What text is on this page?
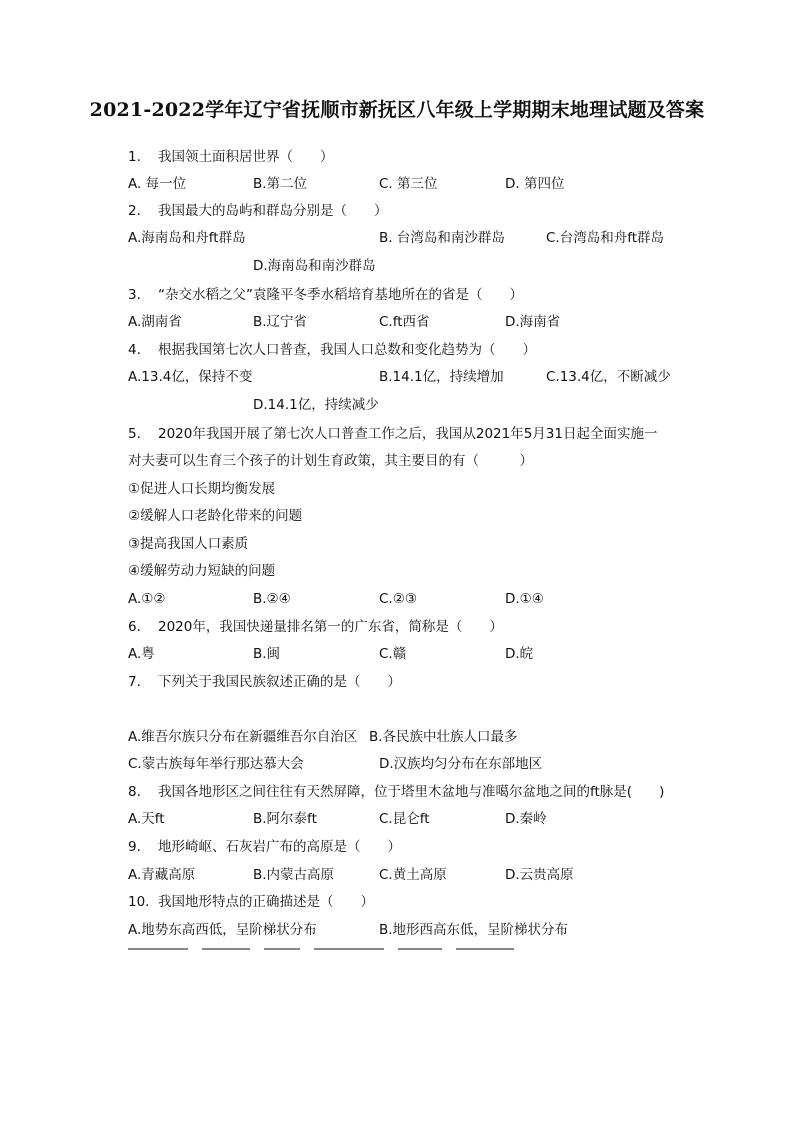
2021-2022学年辽宁省抚顺市新抚区八年级上学期期末地理试题及答案
1. 我国领土面积居世界（　　）
A. 每一位	B.第二位	C. 第三位	D. 第四位
2. 我国最大的岛屿和群岛分别是（　　）
A.海南岛和舟ft群岛	B. 台湾岛和南沙群岛	C.台湾岛和舟ft群岛
D.海南岛和南沙群岛
3. “杂交水稻之父”袁隆平冬季水稻培育基地所在的省是（　　）
A.湖南省	B.辽宁省	C.ft西省	D.海南省
4. 根据我国第七次人口普查，我国人口总数和变化趋势为（　　）
A.13.4亿，保持不变	B.14.1亿，持续增加	C.13.4亿，不断减少
D.14.1亿，持续减少
5. 2020年我国开展了第七次人口普查工作之后，我国从2021年5月31日起全面实施一
对夫妻可以生育三个孩子的计划生育政策，其主要目的有（　　　）
①促进人口长期均衡发展
②缓解人口老龄化带来的问题
③提高我国人口素质
④缓解劳动力短缺的问题
A.①②	B.②④	C.②③	D.①④
6. 2020年，我国快递量排名第一的广东省，简称是（　　）
A.粤	B.闽	C.赣	D.皖
7. 下列关于我国民族叙述正确的是（　　）
A.维吾尔族只分布在新疆维吾尔自治区 B.各民族中壮族人口最多
C.蒙古族每年举行那达慕大会	D.汉族均匀分布在东部地区
8. 我国各地形区之间往往有天然屏障，位于塔里木盆地与准噶尔盆地之间的ft脉是(　　)
A.天ft	B.阿尔泰ft	C.昆仑ft	D.秦岭
9. 地形崎岖、石灰岩广布的高原是（　　）
A.青藏高原	B.内蒙古高原	C.黄土高原	D.云贵高原
10. 我国地形特点的正确描述是（　　）
A.地势东高西低，呈阶梯状分布	B.地形西高东低，呈阶梯状分布
